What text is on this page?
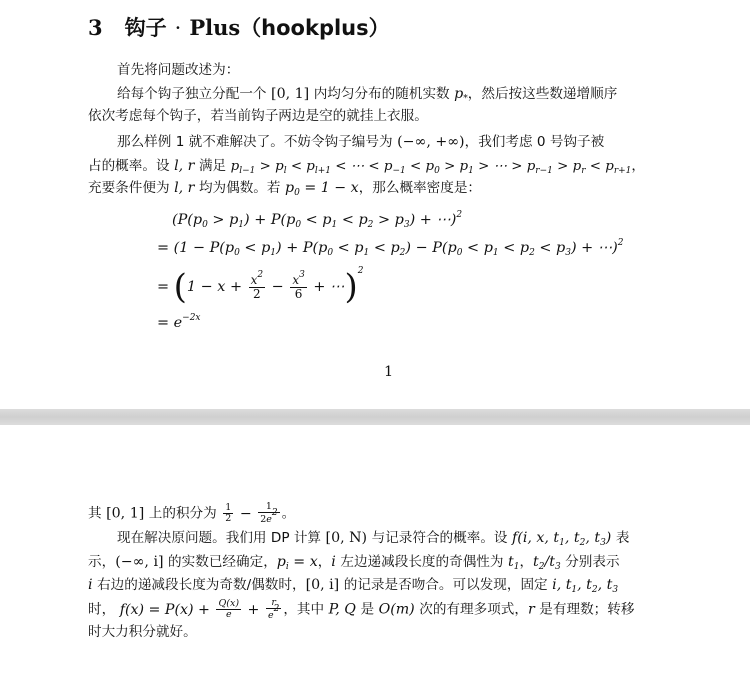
3 钩子 · Plus（hookplus）
首先将问题改述为：
给每个钩子独立分配一个 [0, 1] 内均匀分布的随机实数 $p_*$，然后按这些数递增顺序
依次考虑每个钩子，若当前钩子两边是空的就挂上衣服。
那么样例 1 就不难解决了。不妨令钩子编号为 (−∞, +∞)，我们考虑 0 号钩子被
占的概率。设 l, r 满足 $p_{l-1} > p_l < p_{l+1}$ < ⋯ < $p_{-1} < p_0 > p_1$ > ⋯ > $p_{r-1} > p_r < p_{r+1}$，
充要条件便为 l, r 均为偶数。若 $p_0 = 1 - x$，那么概率密度是：
($P(p_0 > p_1) + P(p_0 < p_1 < p_2 > p_3)$ + ⋯)$^2$
= ($1 - P(p_0 < p_1) + P(p_0 < p_1 < p_2) - P(p_0 < p_1 < p_2 < p_3)$ + ⋯)$^2$
= ($1 - x + \frac{x^2}{2} - \frac{x^3}{6}$ + ⋯)$^2$
= $e^{-2x}$
1
其 [0, 1] 上的积分为 $\frac{1}{2} - \frac{1}{2e^2}$ 。
现在解决原问题。我们用 DP 计算 [0, N) 与记录符合的概率。设 f(i, x, $t_1$, $t_2$, $t_3$) 表
示，(−∞, i] 的实数已经确定，$p_i = x$，i 左边递减段长度的奇偶性为 $t_1$，$t_2/t_3$ 分别表示
i 右边的递减段长度为奇数/偶数时，[0, i] 的记录是否吻合。可以发现，固定 i, $t_1$, $t_2$, $t_3$
时， $f(x) = P(x) + \frac{Q(x)}{e} + \frac{r}{e^2}$ ，其中 P, Q 是 O(m) 次的有理多项式，r 是有理数；转移
时大力积分就好。
